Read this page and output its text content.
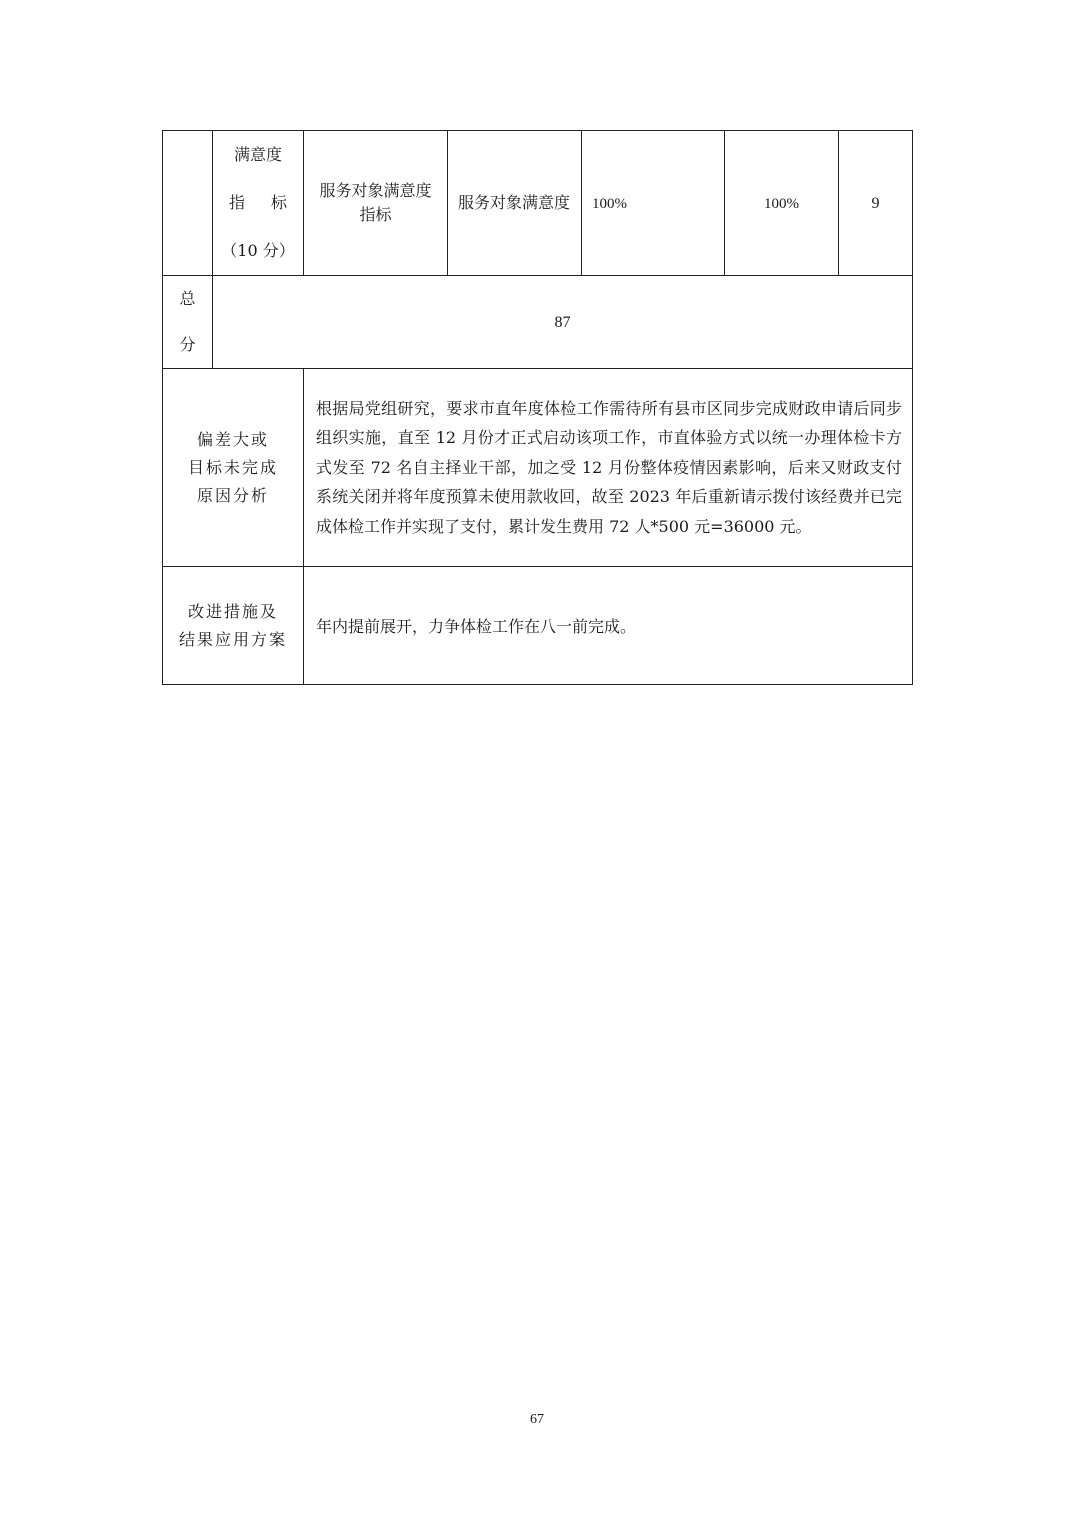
	满意度
指 标
（10 分）	服务对象满意度指标	服务对象满意度	100%	100%	9

总
分	87					

偏差大或
目标未完成
原因分析		根据局党组研究，要求市直年度体检工作需待所有县市区同步完成财政申请后同步组织实施，直至 12 月份才正式启动该项工作，市直体验方式以统一办理体检卡方式发至 72 名自主择业干部，加之受 12 月份整体疫情因素影响，后来又财政支付系统关闭并将年度预算未使用款收回，故至 2023 年后重新请示拨付该经费并已完成体检工作并实现了支付，累计发生费用 72 人*500 元=36000 元。				

改进措施及
结果应用方案		年内提前展开，力争体检工作在八一前完成。				
67
